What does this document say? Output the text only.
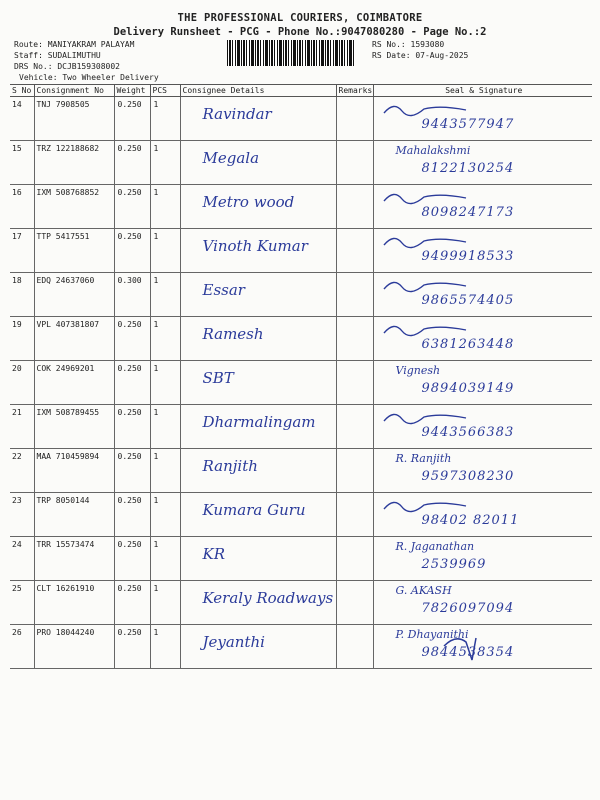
THE PROFESSIONAL COURIERS, COIMBATORE
Delivery Runsheet - PCG - Phone No.:9047080280 - Page No.:2
Route: MANIYAKRAM PALAYAM
Staff: SUDALIMUTHU
DRS No.: DCJB159308002
Vehicle: Two Wheeler Delivery
RS No.: 1593080
RS Date: 07-Aug-2025
S No	Consignment No	Weight	PCS	Consignee Details	Remarks	Seal & Signature
14	TNJ 7908505	0.250	1	Ravindar		9443577947

15	TRZ 122188682	0.250	1	Megala		Mahalakshmi
8122130254

16	IXM 508768852	0.250	1	Metro wood		8098247173

17	TTP 5417551	0.250	1	Vinoth Kumar		9499918533

18	EDQ 24637060	0.300	1	Essar		9865574405

19	VPL 407381807	0.250	1	Ramesh		6381263448

20	COK 24969201	0.250	1	SBT		Vignesh
9894039149

21	IXM 508789455	0.250	1	Dharmalingam		9443566383

22	MAA 710459894	0.250	1	Ranjith		R. Ranjith
9597308230

23	TRP 8050144	0.250	1	Kumara Guru		98402 82011

24	TRR 15573474	0.250	1	KR		R. Jaganathan
2539969

25	CLT 16261910	0.250	1	Keraly Roadways		G. AKASH
7826097094

26	PRO 18044240	0.250	1	Jeyanthi		P. Dhayanithi
9844538354
